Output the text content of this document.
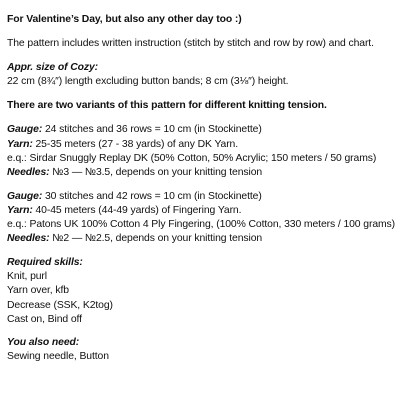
For Valentine’s Day, but also any other day too :)
The pattern includes written instruction (stitch by stitch and row by row) and chart.
Appr. size of Cozy:
22 cm (8¾″) length excluding button bands; 8 cm (3⅛″) height.
There are two variants of this pattern for different knitting tension.
Gauge: 24 stitches and 36 rows = 10 cm (in Stockinette)
Yarn: 25-35 meters (27 - 38 yards) of any DK Yarn.
e.q.: Sirdar Snuggly Replay DK (50% Cotton, 50% Acrylic; 150 meters / 50 grams)
Needles: №3 — №3.5, depends on your knitting tension
Gauge: 30 stitches and 42 rows = 10 cm (in Stockinette)
Yarn: 40-45 meters (44-49 yards) of Fingering Yarn.
e.q.: Patons UK 100% Cotton 4 Ply Fingering, (100% Cotton, 330 meters / 100 grams)
Needles: №2 — №2.5, depends on your knitting tension
Required skills:
Knit, purl
Yarn over, kfb
Decrease (SSK, K2tog)
Cast on, Bind off
You also need:
Sewing needle, Button
